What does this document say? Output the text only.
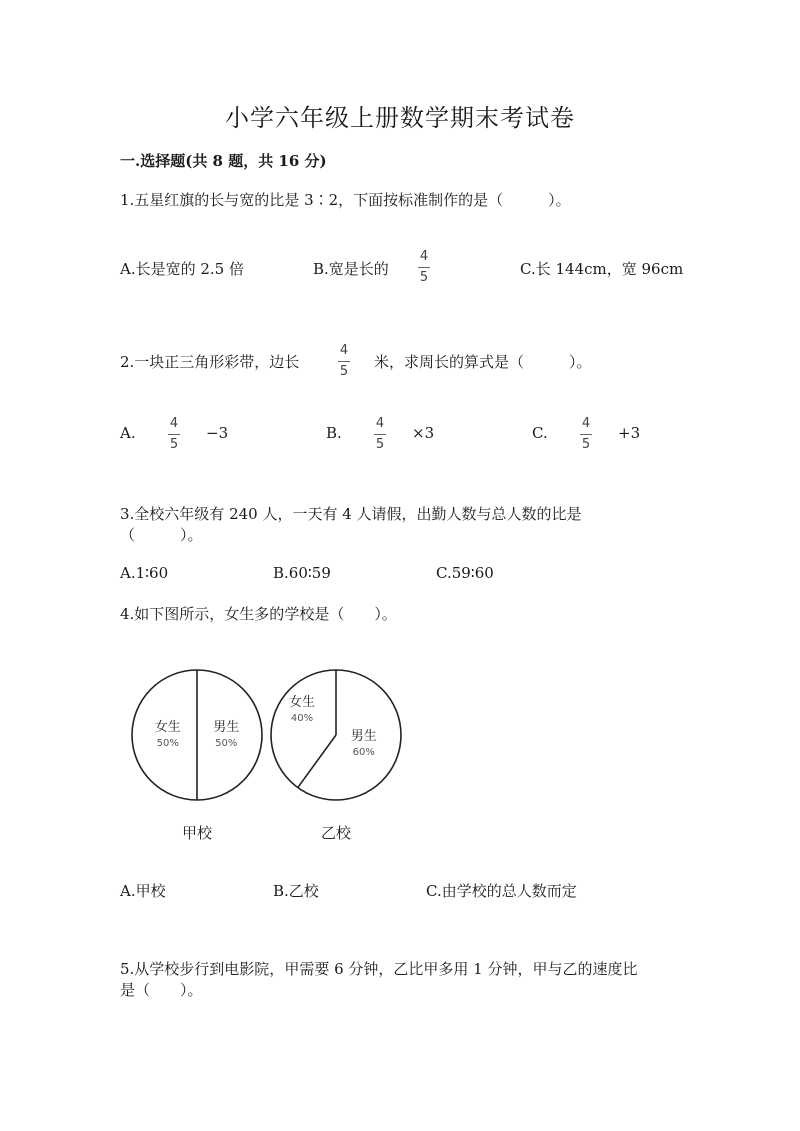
小学六年级上册数学期末考试卷
一.选择题(共 8 题，共 16 分)
1.五星红旗的长与宽的比是 3∶2，下面按标准制作的是（　　　）。
A.长是宽的 2.5 倍	B.宽是长的
4
5	C.长 144cm，宽 96cm
2.一块正三角形彩带，边长
4
5
米，求周长的算式是（　　　）。
A.
4
5
−3	B.
4
5
×3	C.
4
5
+3
3.全校六年级有 240 人，一天有 4 人请假，出勤人数与总人数的比是
（　　　）。
A.1∶60	B.60∶59	C.59∶60
4.如下图所示，女生多的学校是（　　）。
女生
50%
男生
50%
甲校
女生
40%
男生
60%
乙校
A.甲校	B.乙校	C.由学校的总人数而定
5.从学校步行到电影院，甲需要 6 分钟，乙比甲多用 1 分钟，甲与乙的速度比
是（　　）。
